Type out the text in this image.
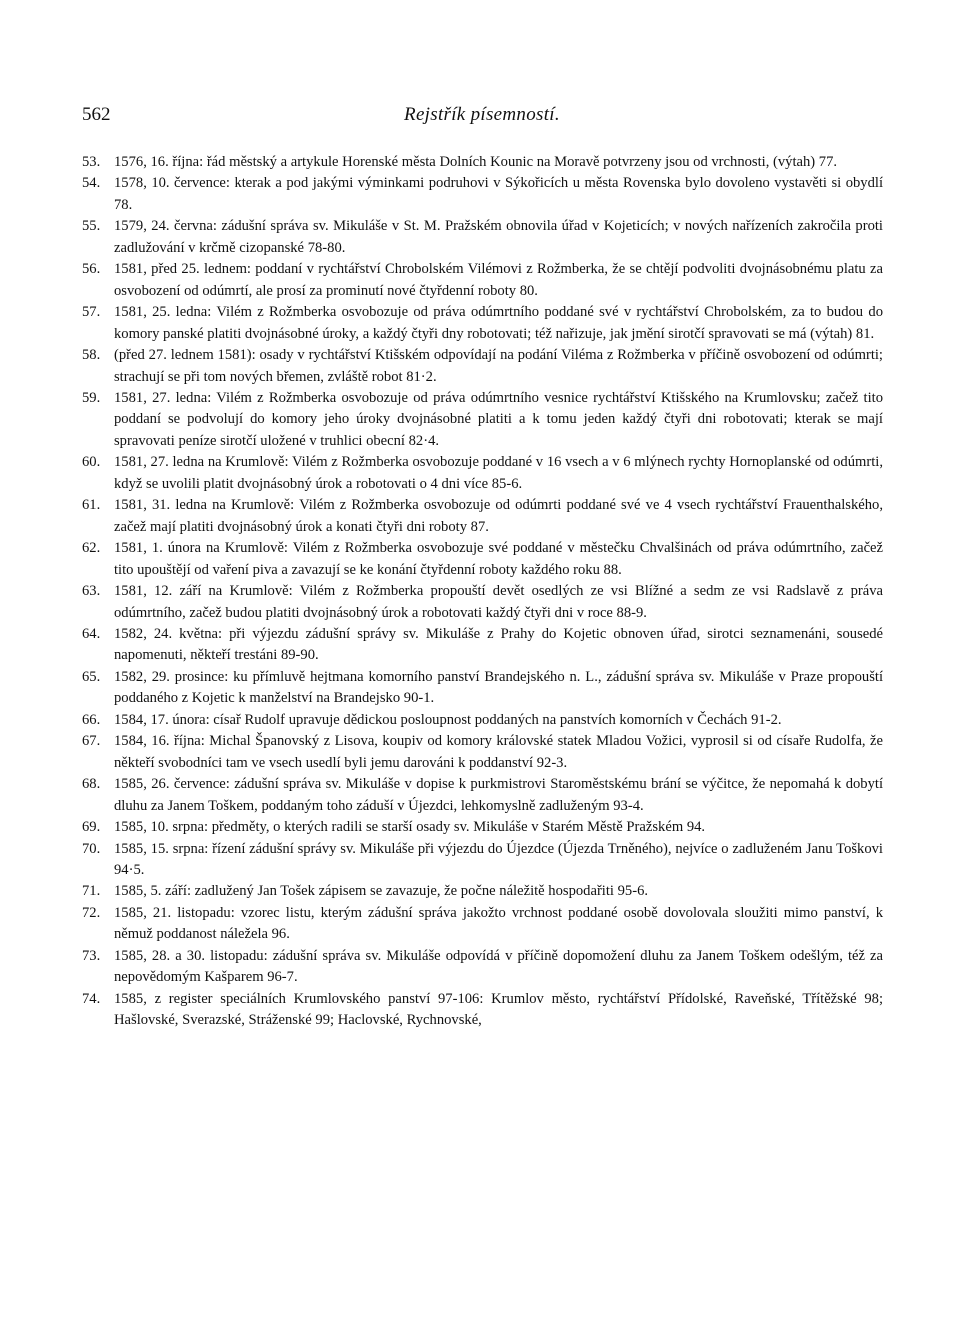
562	Rejstřík písemností.
53. 1576, 16. října: řád městský a artykule Horenské města Dolních Kounic na Moravě potvrzeny jsou od vrchnosti, (výtah) 77.
54. 1578, 10. července: kterak a pod jakými výminkami podruhovi v Sýkořicích u města Rovenska bylo dovoleno vystavěti si obydlí 78.
55. 1579, 24. června: zádušní správa sv. Mikuláše v St. M. Pražském obnovila úřad v Kojeticích; v nových nařízeních zakročila proti zadlužování v krčmě cizopanské 78-80.
56. 1581, před 25. lednem: poddaní v rychtářství Chrobolském Vilémovi z Rožmberka, že se chtějí podvoliti dvojnásobnému platu za osvobození od odúmrtí, ale prosí za prominutí nové čtyřdenní roboty 80.
57. 1581, 25. ledna: Vilém z Rožmberka osvobozuje od práva odúmrtního poddané své v rychtářství Chrobolském, za to budou do komory panské platiti dvojnásobné úroky, a každý čtyři dny robotovati; též nařizuje, jak jmění sirotčí spravovati se má (výtah) 81.
58. (před 27. lednem 1581): osady v rychtářství Ktišském odpovídají na podání Viléma z Rožmberka v příčině osvobození od odúmrti; strachují se při tom nových břemen, zvláště robot 81·2.
59. 1581, 27. ledna: Vilém z Rožmberka osvobozuje od práva odúmrtního vesnice rychtářství Ktišského na Krumlovsku; začež tito poddaní se podvolují do komory jeho úroky dvojnásobné platiti a k tomu jeden každý čtyři dni robotovati; kterak se mají spravovati peníze sirotčí uložené v truhlici obecní 82·4.
60. 1581, 27. ledna na Krumlově: Vilém z Rožmberka osvobozuje poddané v 16 vsech a v 6 mlýnech rychty Hornoplanské od odúmrti, když se uvolili platit dvojnásobný úrok a robotovati o 4 dni více 85-6.
61. 1581, 31. ledna na Krumlově: Vilém z Rožmberka osvobozuje od odúmrti poddané své ve 4 vsech rychtářství Frauenthalského, začež mají platiti dvojnásobný úrok a konati čtyři dni roboty 87.
62. 1581, 1. února na Krumlově: Vilém z Rožmberka osvobozuje své poddané v městečku Chvalšinách od práva odúmrtního, začež tito upouštějí od vaření piva a zavazují se ke konání čtyřdenní roboty každého roku 88.
63. 1581, 12. září na Krumlově: Vilém z Rožmberka propouští devět osedlých ze vsi Blížné a sedm ze vsi Radslavě z práva odúmrtního, začež budou platiti dvojnásobný úrok a robotovati každý čtyři dni v roce 88-9.
64. 1582, 24. května: při výjezdu zádušní správy sv. Mikuláše z Prahy do Kojetic obnoven úřad, sirotci seznamenáni, sousedé napomenuti, někteří trestáni 89-90.
65. 1582, 29. prosince: ku přímluvě hejtmana komorního panství Brandejského n. L., zádušní správa sv. Mikuláše v Praze propouští poddaného z Kojetic k manželství na Brandejsko 90-1.
66. 1584, 17. února: císař Rudolf upravuje dědickou posloupnost poddaných na panstvích komorních v Čechách 91-2.
67. 1584, 16. října: Michal Španovský z Lisova, koupiv od komory královské statek Mladou Vožici, vyprosil si od císaře Rudolfa, že někteří svobodníci tam ve vsech usedlí byli jemu darováni k poddanství 92-3.
68. 1585, 26. července: zádušní správa sv. Mikuláše v dopise k purkmistrovi Staroměstskému brání se výčitce, že nepomahá k dobytí dluhu za Janem Toškem, poddaným toho záduší v Újezdci, lehkomyslně zadluženým 93-4.
69. 1585, 10. srpna: předměty, o kterých radili se starší osady sv. Mikuláše v Starém Městě Pražském 94.
70. 1585, 15. srpna: řízení zádušní správy sv. Mikuláše při výjezdu do Újezdce (Újezda Trněného), nejvíce o zadluženém Janu Toškovi 94·5.
71. 1585, 5. září: zadlužený Jan Tošek zápisem se zavazuje, že počne náležitě hospodařiti 95-6.
72. 1585, 21. listopadu: vzorec listu, kterým zádušní správa jakožto vrchnost poddané osobě dovolovala sloužiti mimo panství, k němuž poddanost náležela 96.
73. 1585, 28. a 30. listopadu: zádušní správa sv. Mikuláše odpovídá v příčině dopomožení dluhu za Janem Toškem odešlým, též za nepovědomým Kašparem 96-7.
74. 1585, z register speciálních Krumlovského panství 97-106: Krumlov město, rychtářství Přídolské, Raveňské, Třítěžské 98; Hašlovské, Sverazské, Stráženské 99; Haclovské, Rychnovské,
